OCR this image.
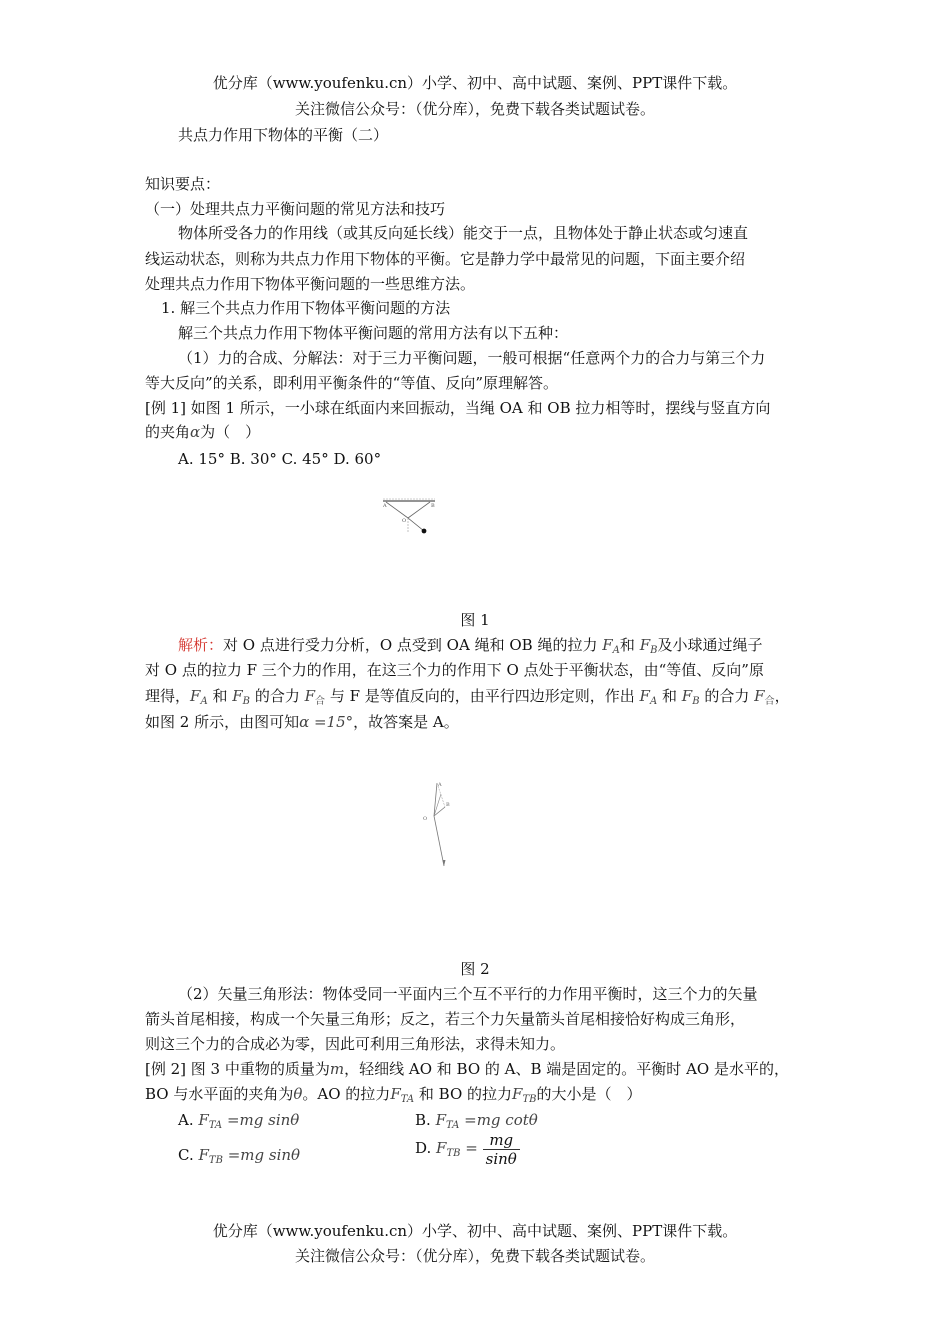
优分库（www.youfenku.cn）小学、初中、高中试题、案例、PPT课件下载。
关注微信公众号：（优分库），免费下载各类试题试卷。
共点力作用下物体的平衡（二）
知识要点：
（一）处理共点力平衡问题的常见方法和技巧
物体所受各力的作用线（或其反向延长线）能交于一点，且物体处于静止状态或匀速直
线运动状态，则称为共点力作用下物体的平衡。它是静力学中最常见的问题，下面主要介绍
处理共点力作用下物体平衡问题的一些思维方法。
1. 解三个共点力作用下物体平衡问题的方法
解三个共点力作用下物体平衡问题的常用方法有以下五种：
（1）力的合成、分解法：对于三力平衡问题，一般可根据“任意两个力的合力与第三个力
等大反向”的关系，即利用平衡条件的“等值、反向”原理解答。
[例 1] 如图 1 所示，一小球在纸面内来回振动，当绳 OA 和 OB 拉力相等时，摆线与竖直方向
的夹角α为（　）
A. 15° B. 30° C. 45° D. 60°
A	B
O
图 1
解析：对 O 点进行受力分析，O 点受到 OA 绳和 OB 绳的拉力 $F_A$和 $F_B$及小球通过绳子
对 O 点的拉力 F 三个力的作用，在这三个力的作用下 O 点处于平衡状态，由“等值、反向”原
理得，$F_A$ 和 $F_B$ 的合力 $F_合$ 与 F 是等值反向的，由平行四边形定则，作出 $F_A$ 和 $F_B$ 的合力 $F_合$，
如图 2 所示，由图可知α =15°，故答案是 A。
O
A
B
图 2
（2）矢量三角形法：物体受同一平面内三个互不平行的力作用平衡时，这三个力的矢量
箭头首尾相接，构成一个矢量三角形；反之，若三个力矢量箭头首尾相接恰好构成三角形，
则这三个力的合成必为零，因此可利用三角形法，求得未知力。
[例 2] 图 3 中重物的质量为m，轻细线 AO 和 BO 的 A、B 端是固定的。平衡时 AO 是水平的，
BO 与水平面的夹角为θ。AO 的拉力$F_{TA}$ 和 BO 的拉力$F_{TB}$的大小是（　）
A. $F_{TA} =mg$ sinθ	B. $F_{TA} =mg$ cotθ
C. $F_{TB} =mg$ sinθ	D. $F_{TB} = \frac{mg}{\sin\theta}$
优分库（www.youfenku.cn）小学、初中、高中试题、案例、PPT课件下载。
关注微信公众号：（优分库），免费下载各类试题试卷。
